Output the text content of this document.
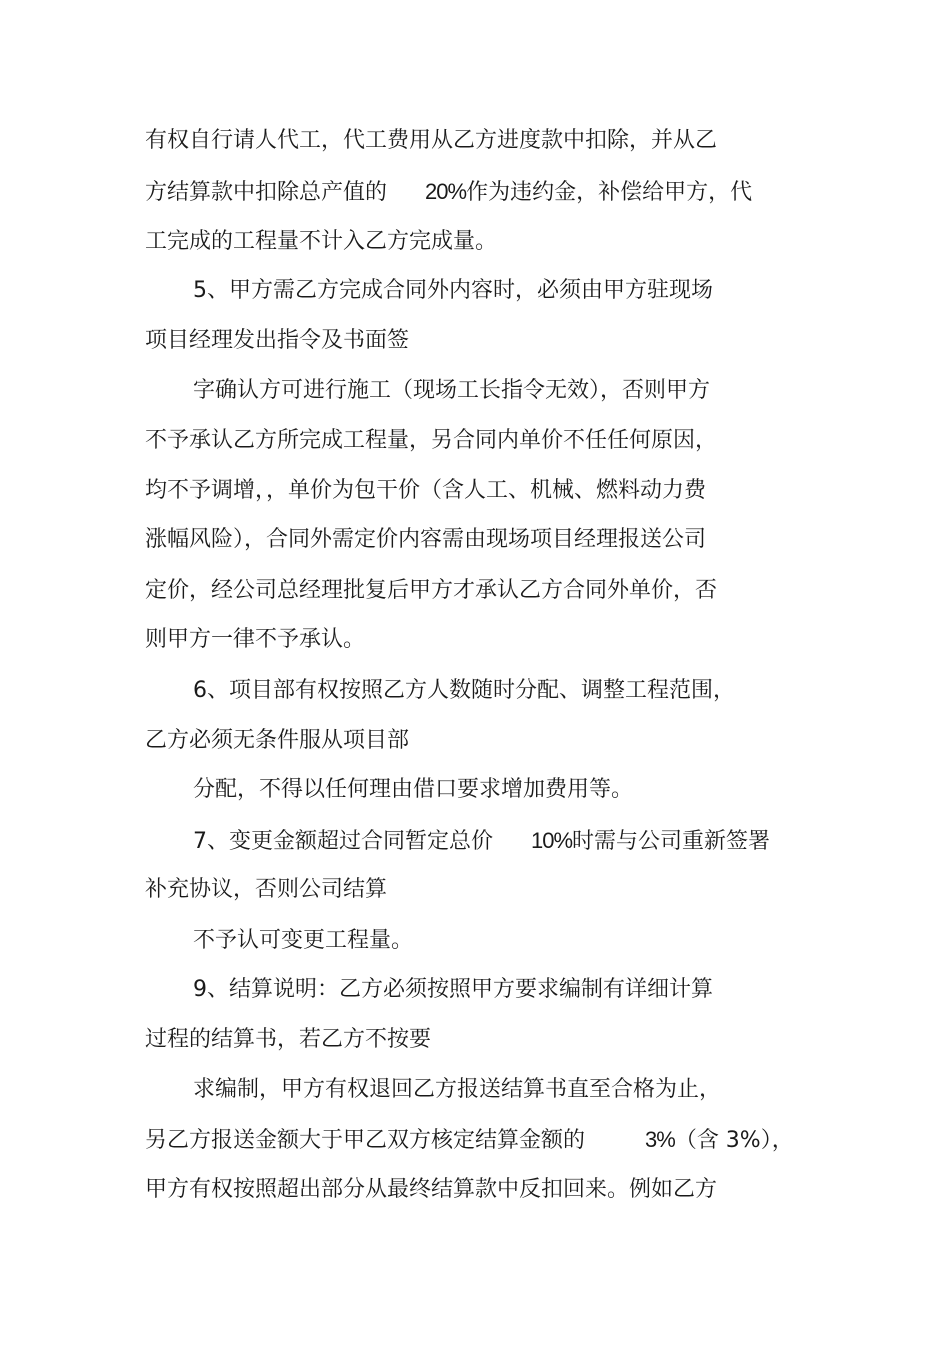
有权自行请人代工，代工费用从乙方进度款中扣除，并从乙
方结算款中扣除总产值的 20%作为违约金，补偿给甲方，代
工完成的工程量不计入乙方完成量。
5、甲方需乙方完成合同外内容时，必须由甲方驻现场
项目经理发出指令及书面签
字确认方可进行施工（现场工长指令无效），否则甲方
不予承认乙方所完成工程量，另合同内单价不任任何原因，
均不予调增，，单价为包干价（含人工、机械、燃料动力费
涨幅风险），合同外需定价内容需由现场项目经理报送公司
定价，经公司总经理批复后甲方才承认乙方合同外单价，否
则甲方一律不予承认。
6、项目部有权按照乙方人数随时分配、调整工程范围，
乙方必须无条件服从项目部
分配，不得以任何理由借口要求增加费用等。
7、变更金额超过合同暂定总价 10%时需与公司重新签署
补充协议，否则公司结算
不予认可变更工程量。
9、结算说明：乙方必须按照甲方要求编制有详细计算
过程的结算书，若乙方不按要
求编制，甲方有权退回乙方报送结算书直至合格为止，
另乙方报送金额大于甲乙双方核定结算金额的	3%（含 3%），
甲方有权按照超出部分从最终结算款中反扣回来。例如乙方
